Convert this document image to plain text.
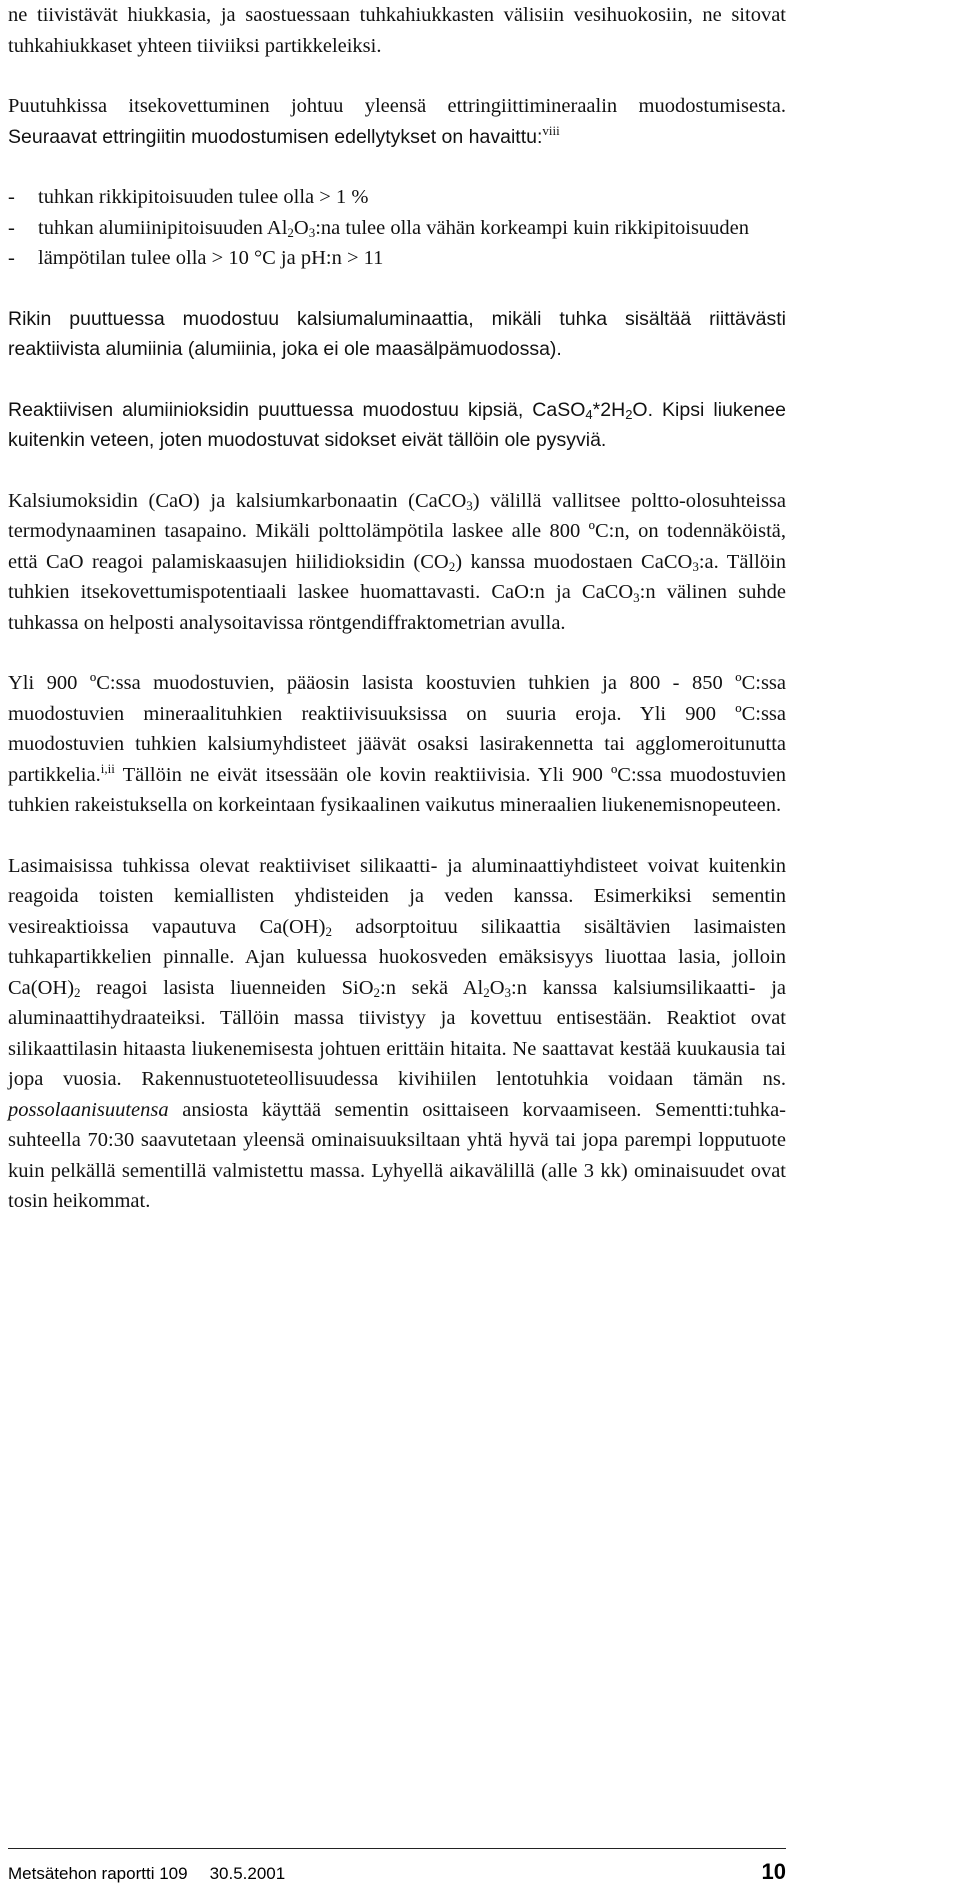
ne tiivistävät hiukkasia, ja saostuessaan tuhkahiukkasten välisiin vesihuokosiin, ne sitovat tuhkahiukkaset yhteen tiiviiksi partikkeleiksi.

Puutuhkissa itsekovettuminen johtuu yleensä ettringiittimineraalin muodostumisesta. Seuraavat ettringiitin muodostumisen edellytykset on havaittu:$^{viii}$

-	tuhkan rikkipitoisuuden tulee olla > 1 %
-	tuhkan alumiinipitoisuuden $Al_2O_3:na$ tulee olla vähän korkeampi kuin rikkipitoisuuden
-	lämpötilan tulee olla > 10 °C ja pH:n > 11

Rikin puuttuessa muodostuu kalsiumaluminaattia, mikäli tuhka sisältää riittävästi reaktiivista alumiinia (alumiinia, joka ei ole maasälpämuodossa).

Reaktiivisen alumiinioksidin puuttuessa muodostuu kipsiä, $CaSO_4*2H_2O$. Kipsi liukenee kuitenkin veteen, joten muodostuvat sidokset eivät tällöin ole pysyviä.

Kalsiumoksidin (CaO) ja kalsiumkarbonaatin (CaCO$_3$) välillä vallitsee poltto-olosuhteissa termodynaaminen tasapaino. Mikäli polttolämpötila laskee alle 800 ºC:n, on todennäköistä, että CaO reagoi palamiskaasujen hiilidioksidin $(CO_2)$ kanssa muodostaen CaCO$_3$:a. Tällöin tuhkien itsekovettumispotentiaali laskee huomattavasti. CaO:n ja CaCO$_3$:n välinen suhde tuhkassa on helposti analysoitavissa röntgendiffraktometrian avulla.

Yli 900 ºC:ssa muodostuvien, pääosin lasista koostuvien tuhkien ja 800 - 850 ºC:ssa muodostuvien mineraalituhkien reaktiivisuuksissa on suuria eroja. Yli 900 ºC:ssa muodostuvien tuhkien kalsiumyhdisteet jäävät osaksi lasirakennetta tai agglomeroitunutta partikkelia.$^{i,ii}$ Tällöin ne eivät itsessään ole kovin reaktiivisia. Yli 900 ºC:ssa muodostuvien tuhkien rakeistuksella on korkeintaan fysikaalinen vaikutus mineraalien liukenemisnopeuteen.

Lasimaisissa tuhkissa olevat reaktiiviset silikaatti- ja aluminaattiyhdisteet voivat kuitenkin reagoida toisten kemiallisten yhdisteiden ja veden kanssa. Esimerkiksi sementin vesireaktioissa vapautuva $Ca(OH)_2$ adsorptoituu silikaattia sisältävien lasimaisten tuhkapartikkelien pinnalle. Ajan kuluessa huokosveden emäksisyys liuottaa lasia, jolloin $Ca(OH)_2$ reagoi lasista liuenneiden SiO$_2$:n sekä $Al_2O_3:n$ kanssa kalsiumsilikaatti- ja aluminaattihydraateiksi. Tällöin massa tiivistyy ja kovettuu entisestään. Reaktiot ovat silikaattilasin hitaasta liukenemisesta johtuen erittäin hitaita. Ne saattavat kestää kuukausia tai jopa vuosia. Rakennustuoteteollisuudessa kivihiilen lentotuhkia voidaan tämän ns. possolaanisuutensa ansiosta käyttää sementin osittaiseen korvaamiseen. Sementti:tuhka-suhteella 70:30 saavutetaan yleensä ominaisuuksiltaan yhtä hyvä tai jopa parempi lopputuote kuin pelkällä sementillä valmistettu massa. Lyhyellä aikavälillä (alle 3 kk) ominaisuudet ovat tosin heikommat.

Metsätehon raportti 109 30.5.2001	10
